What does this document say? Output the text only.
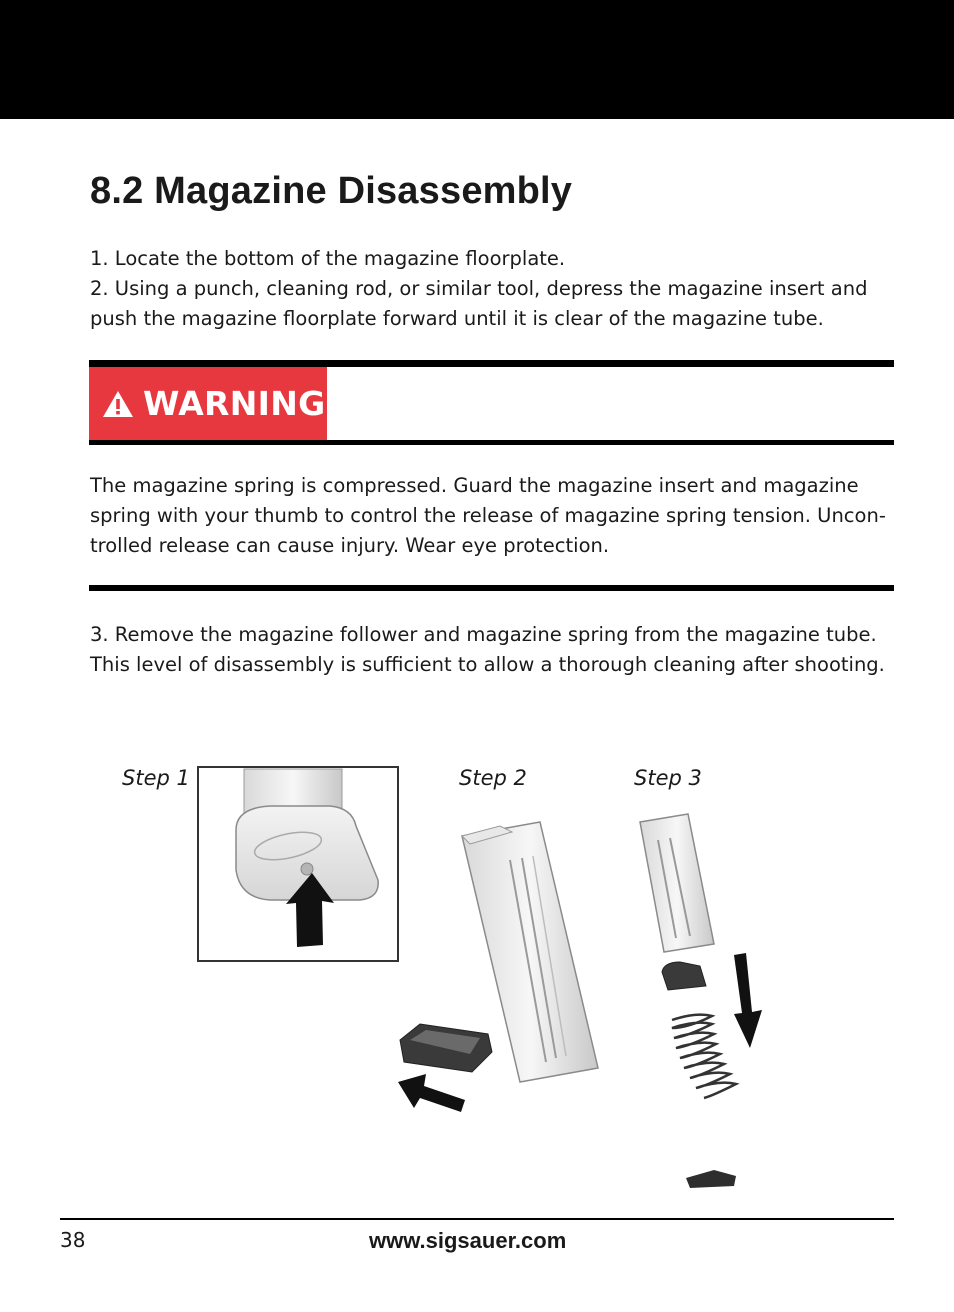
8.2 Magazine Disassembly

1. Locate the bottom of the magazine floorplate.
2. Using a punch, cleaning rod, or similar tool, depress the magazine insert and
push the magazine floorplate forward until it is clear of the magazine tube.

WARNING

The magazine spring is compressed. Guard the magazine insert and magazine
spring with your thumb to control the release of magazine spring tension. Uncon-
trolled release can cause injury. Wear eye protection.

3. Remove the magazine follower and magazine spring from the magazine tube.
This level of disassembly is sufficient to allow a thorough cleaning after shooting.

Step 1	Step 2	Step 3
38	www.sigsauer.com
